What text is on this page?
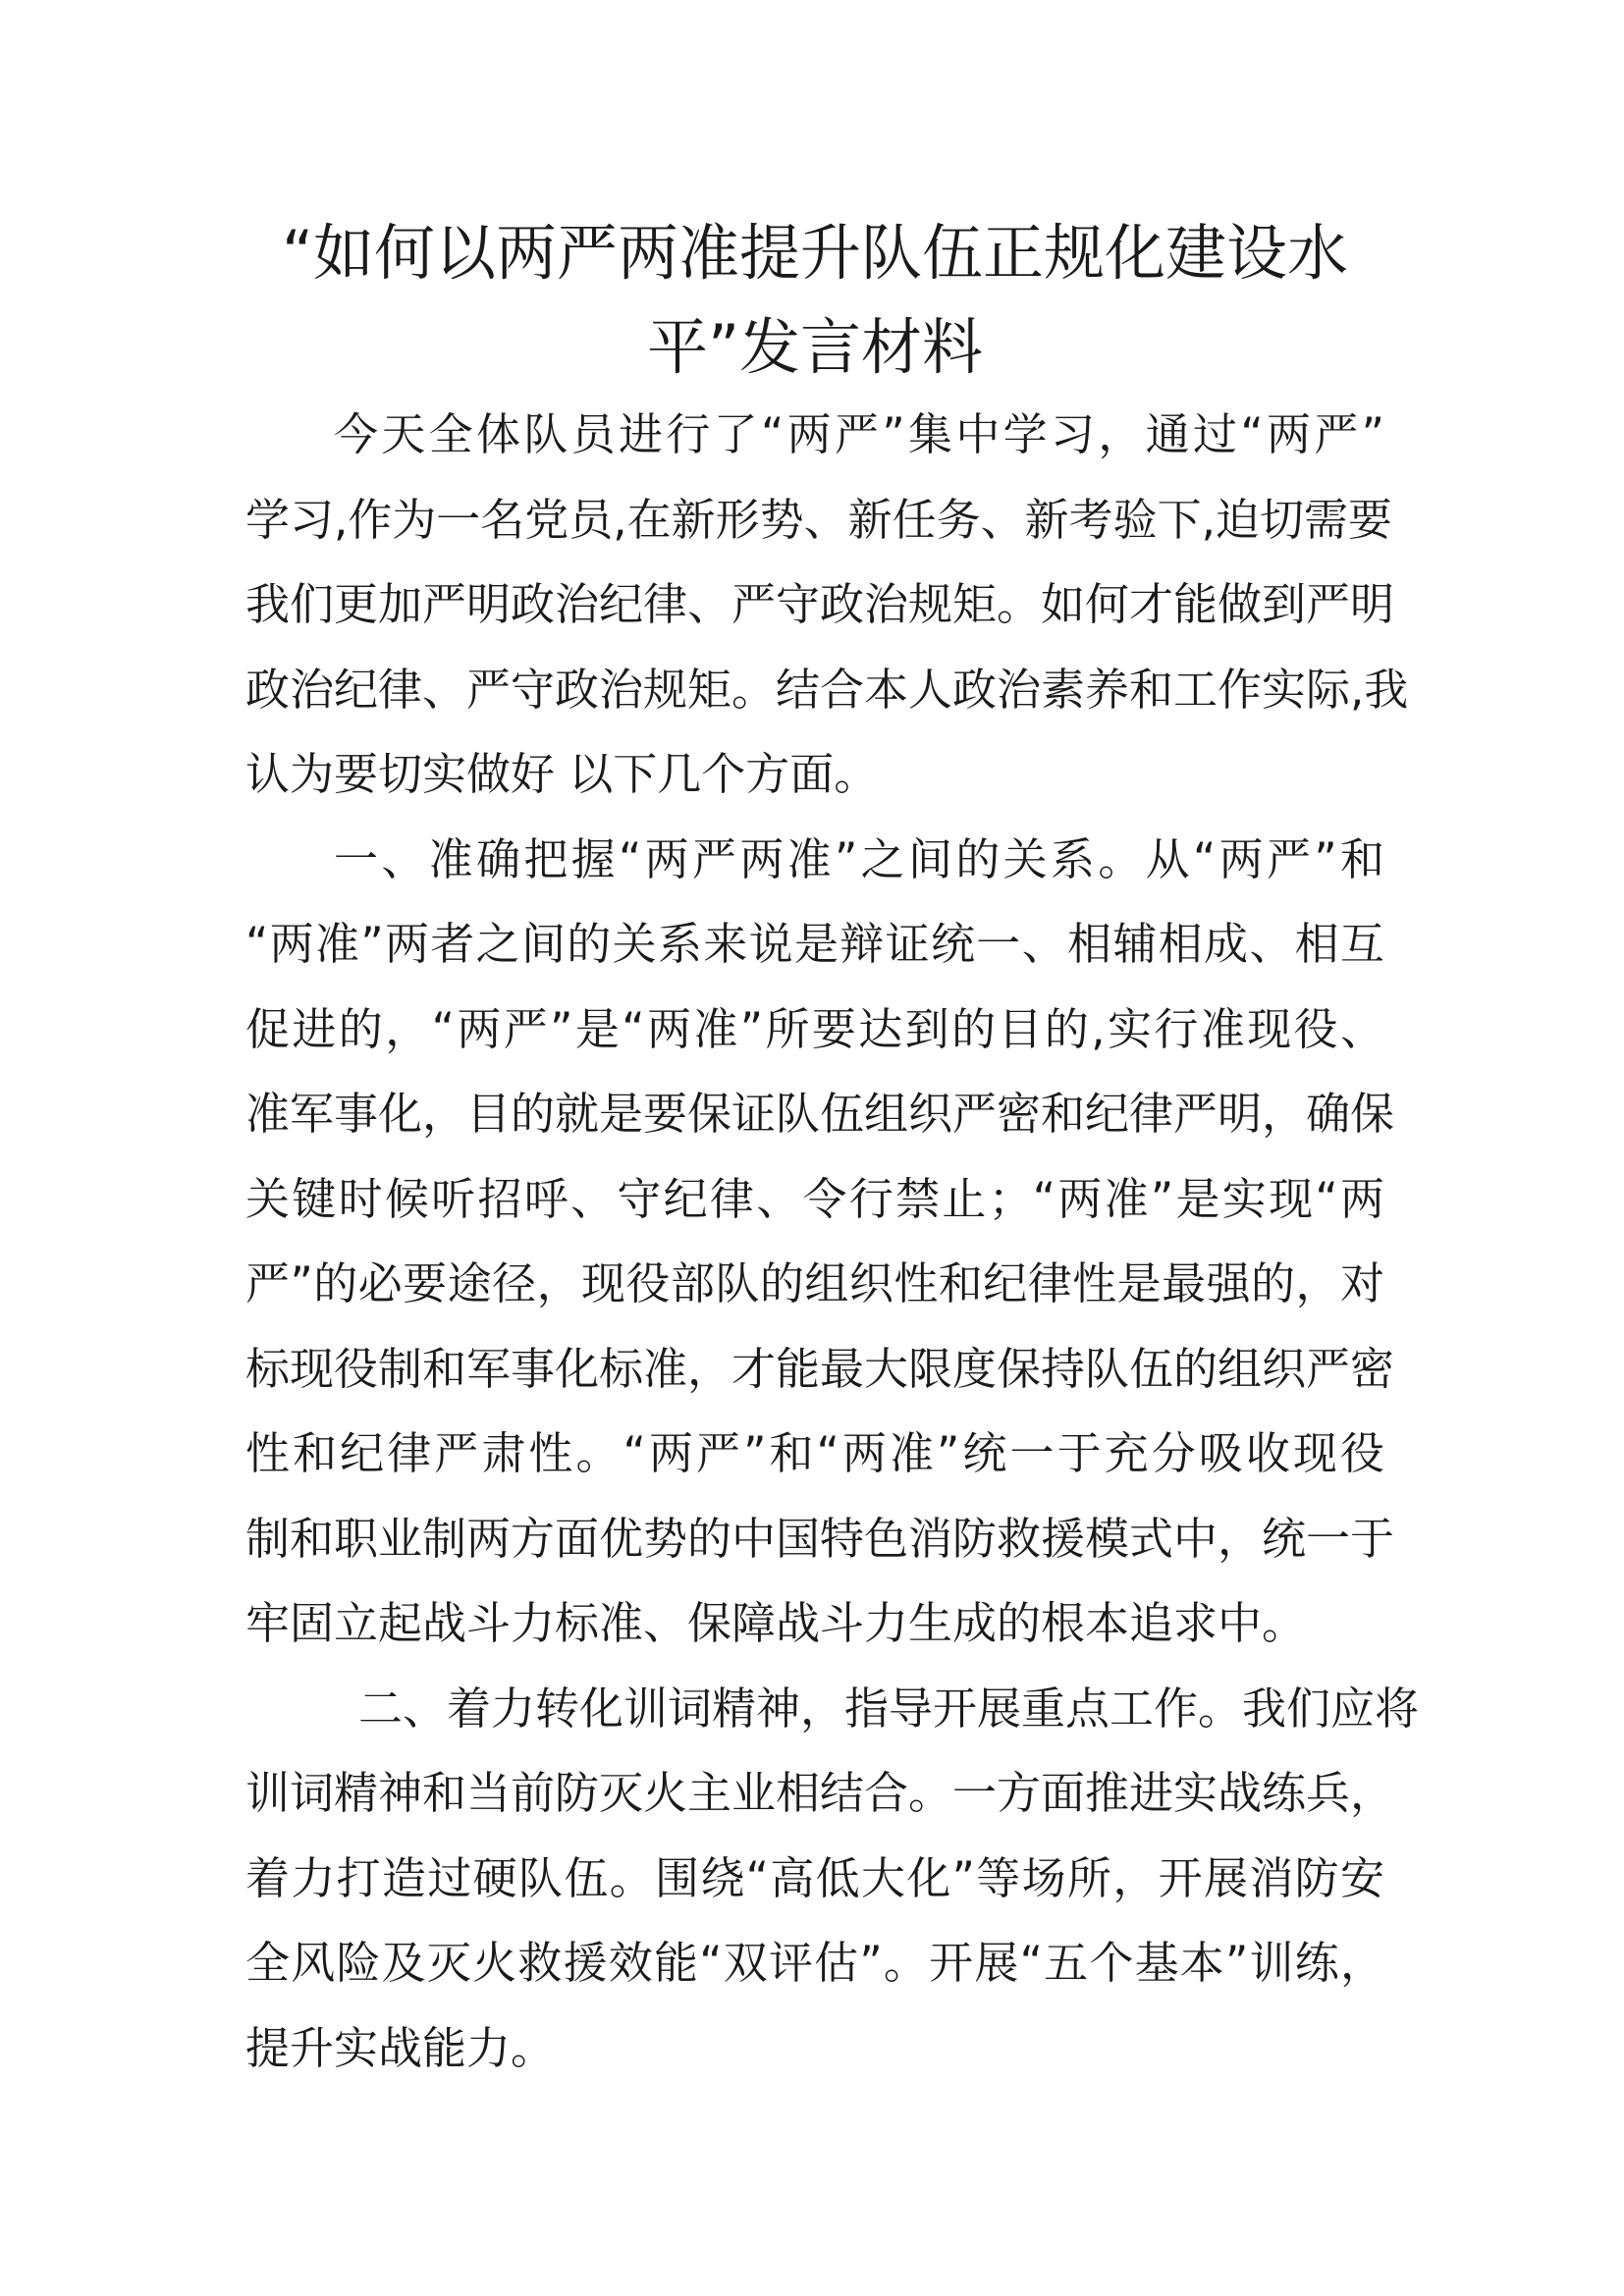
“如何以两严两准提升队伍正规化建设水
平”发言材料

今天全体队员进行了“两严”集中学习，通过“两严”
学习,作为一名党员,在新形势、新任务、新考验下,迫切需要
我们更加严明政治纪律、严守政治规矩。如何才能做到严明
政治纪律、严守政治规矩。结合本人政治素养和工作实际,我
认为要切实做好 以下几个方面。

一、准确把握“两严两准”之间的关系。从“两严”和
“两准”两者之间的关系来说是辩证统一、相辅相成、相互
促进的，“两严”是“两准”所要达到的目的,实行准现役、
准军事化，目的就是要保证队伍组织严密和纪律严明，确保
关键时候听招呼、守纪律、令行禁止；“两准”是实现“两
严”的必要途径，现役部队的组织性和纪律性是最强的，对
标现役制和军事化标准，才能最大限度保持队伍的组织严密
性和纪律严肃性。“两严”和“两准”统一于充分吸收现役
制和职业制两方面优势的中国特色消防救援模式中，统一于
牢固立起战斗力标准、保障战斗力生成的根本追求中。

二、着力转化训词精神，指导开展重点工作。我们应将
训词精神和当前防灭火主业相结合。一方面推进实战练兵，
着力打造过硬队伍。围绕“高低大化”等场所，开展消防安
全风险及灭火救援效能“双评估”。开展“五个基本”训练，
提升实战能力。
